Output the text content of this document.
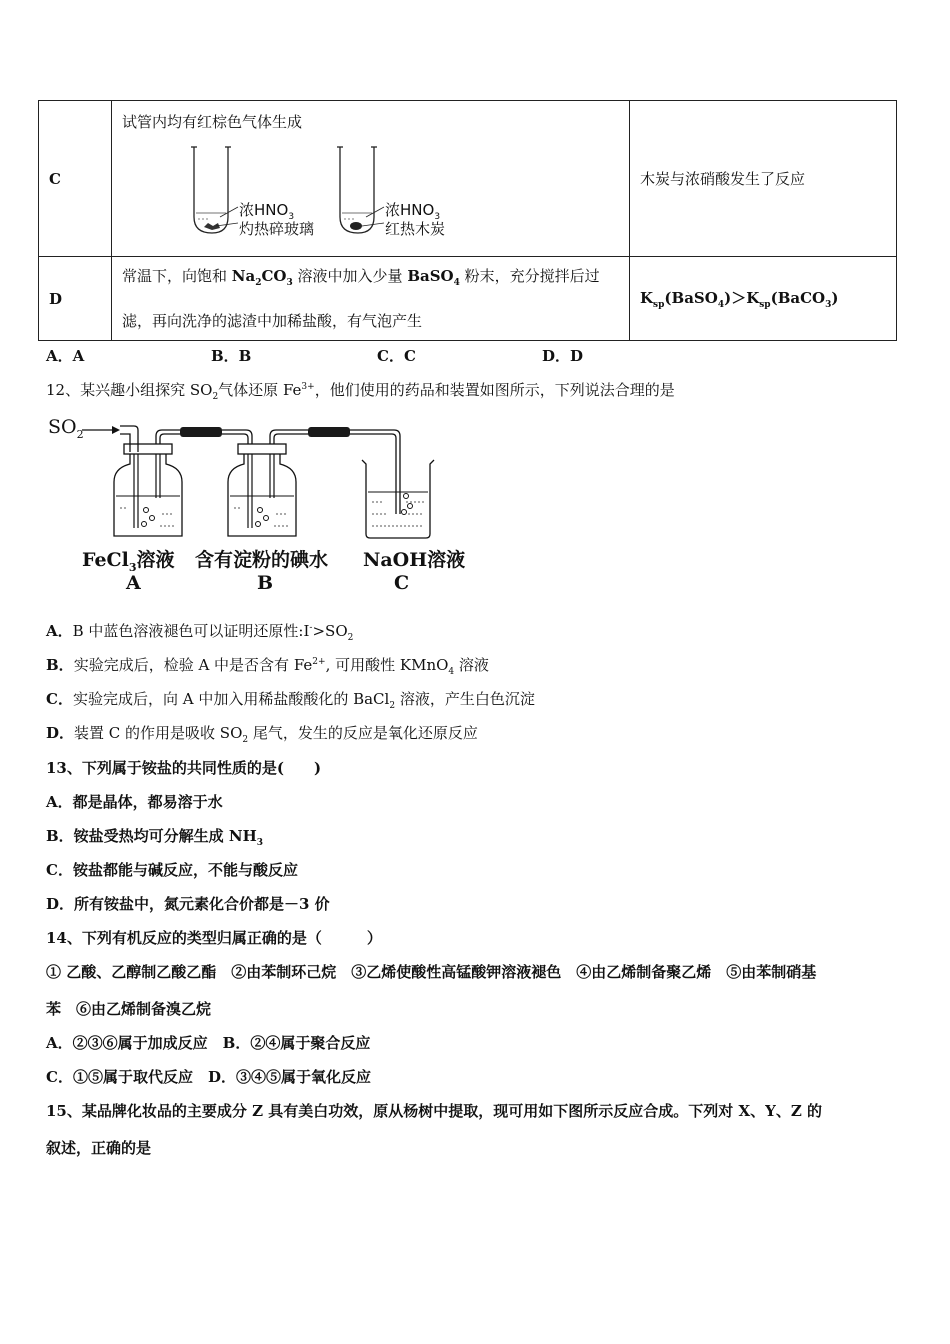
C	试管内均有红棕色气体生成
浓$HNO_3$
灼热碎玻璃
浓$HNO_3$
红热木炭	木炭与浓硝酸发生了反应
D	常温下，向饱和 $Na_2CO_3$ 溶液中加入少量 BaSO$_4$ 粉末，充分搅拌后过
滤，再向洗净的滤渣中加稀盐酸，有气泡产生	$K_{sp}(BaSO_4)>K_{sp}(BaCO_3)$
A．A	B．B	C．C	D．D
12、某兴趣小组探究 $SO_2$气体还原 $Fe^{3+}$，他们使用的药品和装置如图所示，下列说法合理的是
$SO_2$
FeCl$_3$溶液 含有淀粉的碘水 NaOH溶液
A	B	C
A．B 中蓝色溶液褪色可以证明还原性$:I^->SO_2$
B．实验完成后，检验 A 中是否含有 $Fe^{2+}$, 可用酸性 KMnO$_4$ 溶液
C．实验完成后，向 A 中加入用稀盐酸酸化的 BaCl$_2$ 溶液，产生白色沉淀
D．装置 C 的作用是吸收 $SO_2$ 尾气，发生的反应是氧化还原反应
13、下列属于铵盐的共同性质的是(　　)
A．都是晶体，都易溶于水
B．铵盐受热均可分解生成 $NH_3$
C．铵盐都能与碱反应，不能与酸反应
D．所有铵盐中，氮元素化合价都是－3 价
14、下列有机反应的类型归属正确的是（　　　）
① 乙酸、乙醇制乙酸乙酯　②由苯制环己烷　③乙烯使酸性高锰酸钾溶液褪色　④由乙烯制备聚乙烯　⑤由苯制硝基
苯　⑥由乙烯制备溴乙烷
A．②③⑥属于加成反应　B．②④属于聚合反应
C．①⑤属于取代反应　D．③④⑤属于氧化反应
15、某品牌化妆品的主要成分 Z 具有美白功效，原从杨树中提取，现可用如下图所示反应合成。下列对 X、Y、Z 的
叙述，正确的是
